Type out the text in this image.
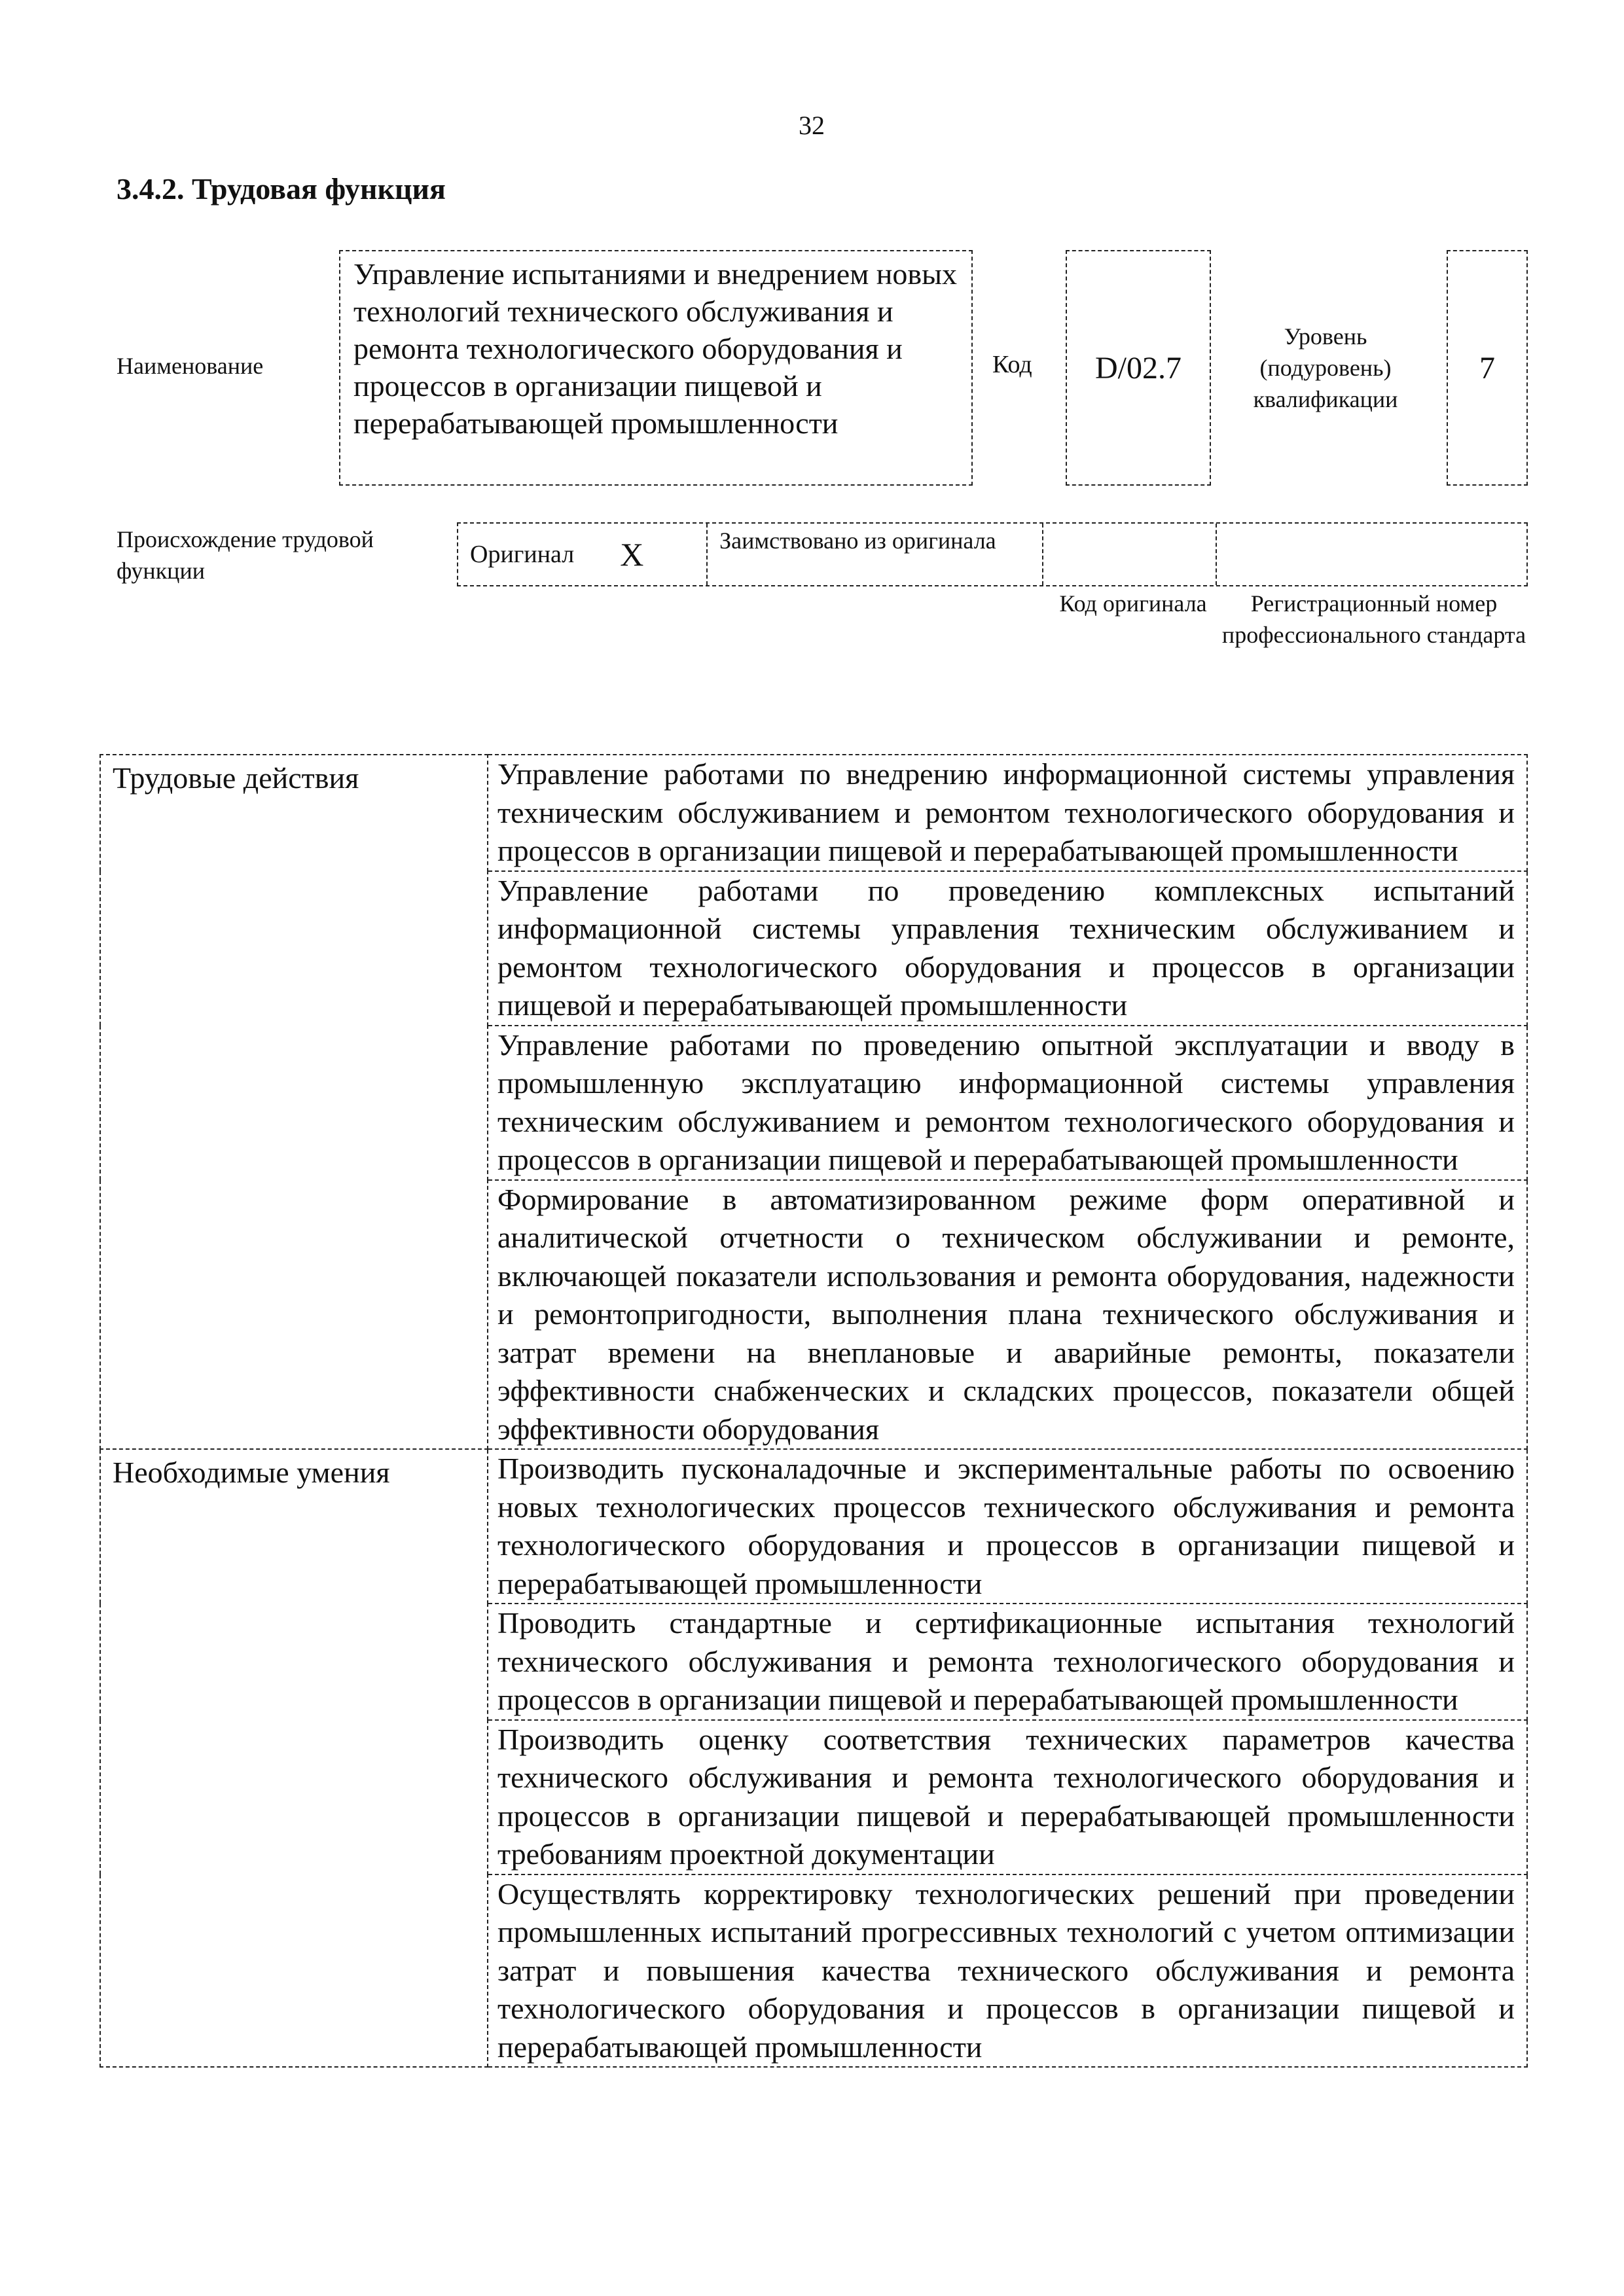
32
3.4.2. Трудовая функция
Наименование
Управление испытаниями и внедрением новых технологий технического обслуживания и ремонта технологического оборудования и процессов в организации пищевой и перерабатывающей промышленности
Код D/02.7
Уровень (подуровень) квалификации
7
Происхождение трудовой функции
Оригинал X	Заимствовано из оригинала
Код оригинала	Регистрационный номер профессионального стандарта
Трудовые действия	Управление работами по внедрению информационной системы управления техническим обслуживанием и ремонтом технологического оборудования и процессов в организации пищевой и перерабатывающей промышленности
	Управление работами по проведению комплексных испытаний информационной системы управления техническим обслуживанием и ремонтом технологического оборудования и процессов в организации пищевой и перерабатывающей промышленности
	Управление работами по проведению опытной эксплуатации и вводу в промышленную эксплуатацию информационной системы управления техническим обслуживанием и ремонтом технологического оборудования и процессов в организации пищевой и перерабатывающей промышленности
	Формирование в автоматизированном режиме форм оперативной и аналитической отчетности о техническом обслуживании и ремонте, включающей показатели использования и ремонта оборудования, надежности и ремонтопригодности, выполнения плана технического обслуживания и затрат времени на внеплановые и аварийные ремонты, показатели эффективности снабженческих и складских процессов, показатели общей эффективности оборудования
Необходимые умения	Производить пусконаладочные и экспериментальные работы по освоению новых технологических процессов технического обслуживания и ремонта технологического оборудования и процессов в организации пищевой и перерабатывающей промышленности
	Проводить стандартные и сертификационные испытания технологий технического обслуживания и ремонта технологического оборудования и процессов в организации пищевой и перерабатывающей промышленности
	Производить оценку соответствия технических параметров качества технического обслуживания и ремонта технологического оборудования и процессов в организации пищевой и перерабатывающей промышленности требованиям проектной документации
	Осуществлять корректировку технологических решений при проведении промышленных испытаний прогрессивных технологий с учетом оптимизации затрат и повышения качества технического обслуживания и ремонта технологического оборудования и процессов в организации пищевой и перерабатывающей промышленности
